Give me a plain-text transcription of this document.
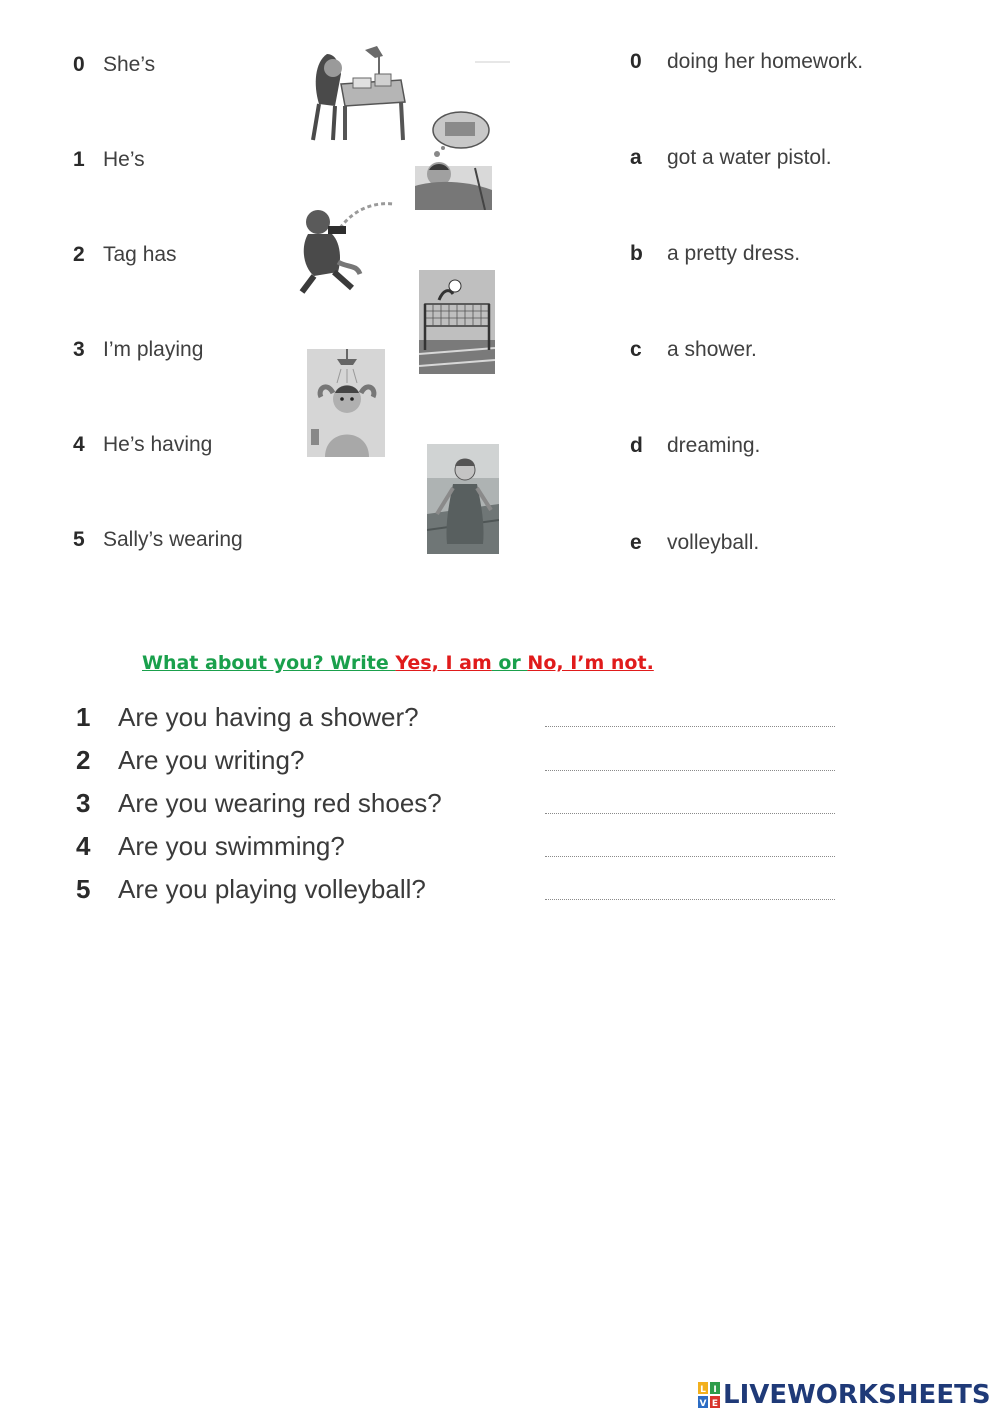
0 She’s
1 He’s
2 Tag has
3 I’m playing
4 He’s having
5 Sally’s wearing
0 doing her homework.
a got a water pistol.
b a pretty dress.
c a shower.
d dreaming.
e volleyball.
What about you? Write Yes, I am or No, I’m not.
1 Are you having a shower?
2 Are you writing?
3 Are you wearing red shoes?
4 Are you swimming?
5 Are you playing volleyball?
L I
V E LIVEWORKSHEETS
